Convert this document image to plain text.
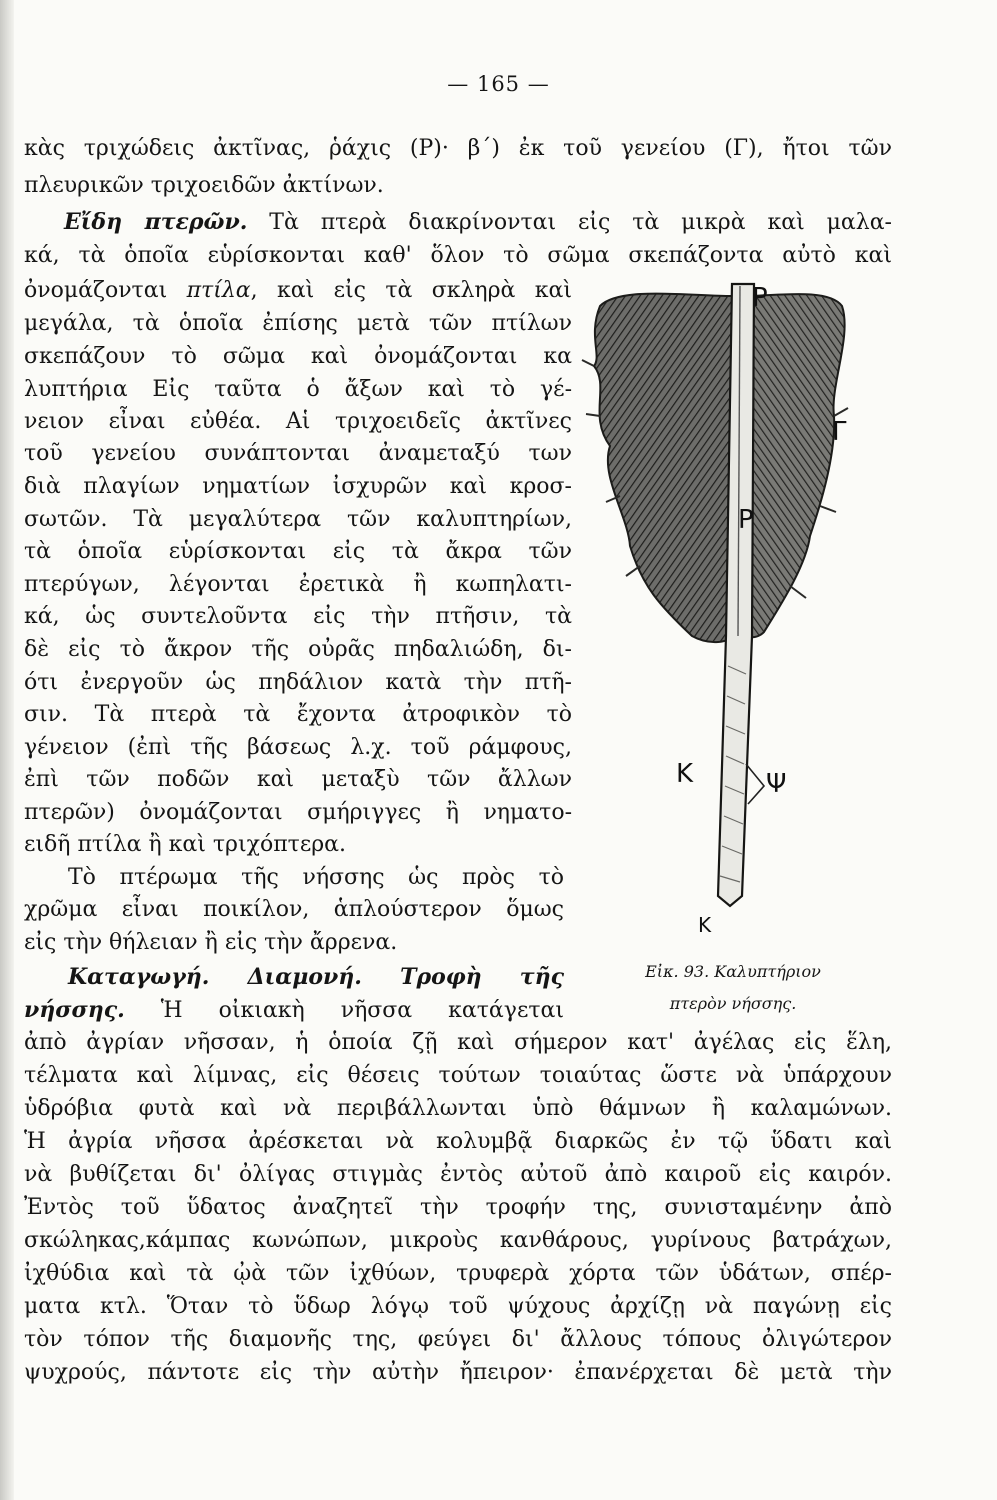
— 165 —
κὰς τριχώδεις ἀκτῖνας, ῥάχις (Ρ)· β΄) ἐκ τοῦ γενείου (Γ), ἤτοι τῶν
πλευρικῶν τριχοειδῶν ἀκτίνων.
Εἴδη πτερῶν. Τὰ πτερὰ διακρίνονται εἰς τὰ μικρὰ καὶ μαλα-
κά, τὰ ὁποῖα εὑρίσκονται καθ' ὅλον τὸ σῶμα σκεπάζοντα αὐτὸ καὶ
ὀνομάζονται πτίλα, καὶ εἰς τὰ σκληρὰ καὶ
μεγάλα, τὰ ὁποῖα ἐπίσης μετὰ τῶν πτίλων
σκεπάζουν τὸ σῶμα καὶ ὀνομάζονται κα
λυπτήρια Εἰς ταῦτα ὁ ἄξων καὶ τὸ γέ-
νειον εἶναι εὐθέα. Αἱ τριχοειδεῖς ἀκτῖνες
τοῦ γενείου συνάπτονται ἀναμεταξύ των
διὰ πλαγίων νηματίων ἰσχυρῶν καὶ κροσ-
σωτῶν. Τὰ μεγαλύτερα τῶν καλυπτηρίων,
τὰ ὁποῖα εὑρίσκονται εἰς τὰ ἄκρα τῶν
πτερύγων, λέγονται ἐρετικὰ ἢ κωπηλατι-
κά, ὡς συντελοῦντα εἰς τὴν πτῆσιν, τὰ
δὲ εἰς τὸ ἄκρον τῆς οὐρᾶς πηδαλιώδη, δι-
ότι ἐνεργοῦν ὡς πηδάλιον κατὰ τὴν πτῆ-
σιν. Τὰ πτερὰ τὰ ἔχοντα ἀτροφικὸν τὸ
γένειον (ἐπὶ τῆς βάσεως λ.χ. τοῦ ράμφους,
ἐπὶ τῶν ποδῶν καὶ μεταξὺ τῶν ἄλλων
πτερῶν) ὀνομάζονται σμήριγγες ἢ νηματο-
ειδῆ πτίλα ἢ καὶ τριχόπτερα.
Τὸ πτέρωμα τῆς νήσσης ὡς πρὸς τὸ
χρῶμα εἶναι ποικίλον, ἁπλούστερον ὅμως
εἰς τὴν θήλειαν ἢ εἰς τὴν ἄρρενα.
Καταγωγή. Διαμονή. Τροφὴ τῆς
νήσσης. Ἡ οἰκιακὴ νῆσσα κατάγεται
ἀπὸ ἀγρίαν νῆσσαν, ἡ ὁποία ζῇ καὶ σήμερον κατ' ἀγέλας εἰς ἕλη,
τέλματα καὶ λίμνας, εἰς θέσεις τούτων τοιαύτας ὥστε νὰ ὑπάρχουν
ὑδρόβια φυτὰ καὶ νὰ περιβάλλωνται ὑπὸ θάμνων ἢ καλαμώνων.
Ἡ ἀγρία νῆσσα ἀρέσκεται νὰ κολυμβᾷ διαρκῶς ἐν τῷ ὕδατι καὶ
νὰ βυθίζεται δι' ὀλίγας στιγμὰς ἐντὸς αὐτοῦ ἀπὸ καιροῦ εἰς καιρόν.
Ἐντὸς τοῦ ὕδατος ἀναζητεῖ τὴν τροφήν της, συνισταμένην ἀπὸ
σκώληκας,κάμπας κωνώπων, μικροὺς κανθάρους, γυρίνους βατράχων,
ἰχθύδια καὶ τὰ ᾠὰ τῶν ἰχθύων, τρυφερὰ χόρτα τῶν ὑδάτων, σπέρ-
ματα κτλ. Ὅταν τὸ ὕδωρ λόγῳ τοῦ ψύχους ἀρχίζῃ νὰ παγώνῃ εἰς
τὸν τόπον τῆς διαμονῆς της, φεύγει δι' ἄλλους τόπους ὀλιγώτερον
ψυχρούς, πάντοτε εἰς τὴν αὐτὴν ἤπειρον· ἐπανέρχεται δὲ μετὰ τὴν
Ρ
Γ
Ρ
Κ	Ψ
Κ
Εἰκ. 93. Καλυπτήριον
πτερὸν νήσσης.
